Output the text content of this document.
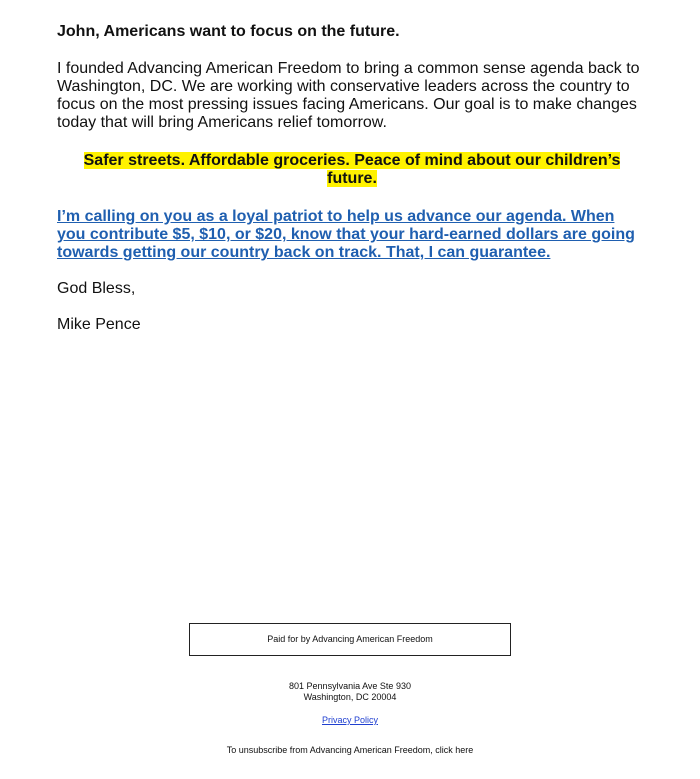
John, Americans want to focus on the future.

I founded Advancing American Freedom to bring a common sense agenda back to Washington, DC. We are working with conservative leaders across the country to focus on the most pressing issues facing Americans. Our goal is to make changes today that will bring Americans relief tomorrow.

Safer streets. Affordable groceries. Peace of mind about our children’s future.

I’m calling on you as a loyal patriot to help us advance our agenda. When you contribute $5, $10, or $20, know that your hard-earned dollars are going towards getting our country back on track. That, I can guarantee.

God Bless,

Mike Pence

Paid for by Advancing American Freedom
801 Pennsylvania Ave Ste 930
Washington, DC 20004
Privacy Policy
To unsubscribe from Advancing American Freedom, click here
